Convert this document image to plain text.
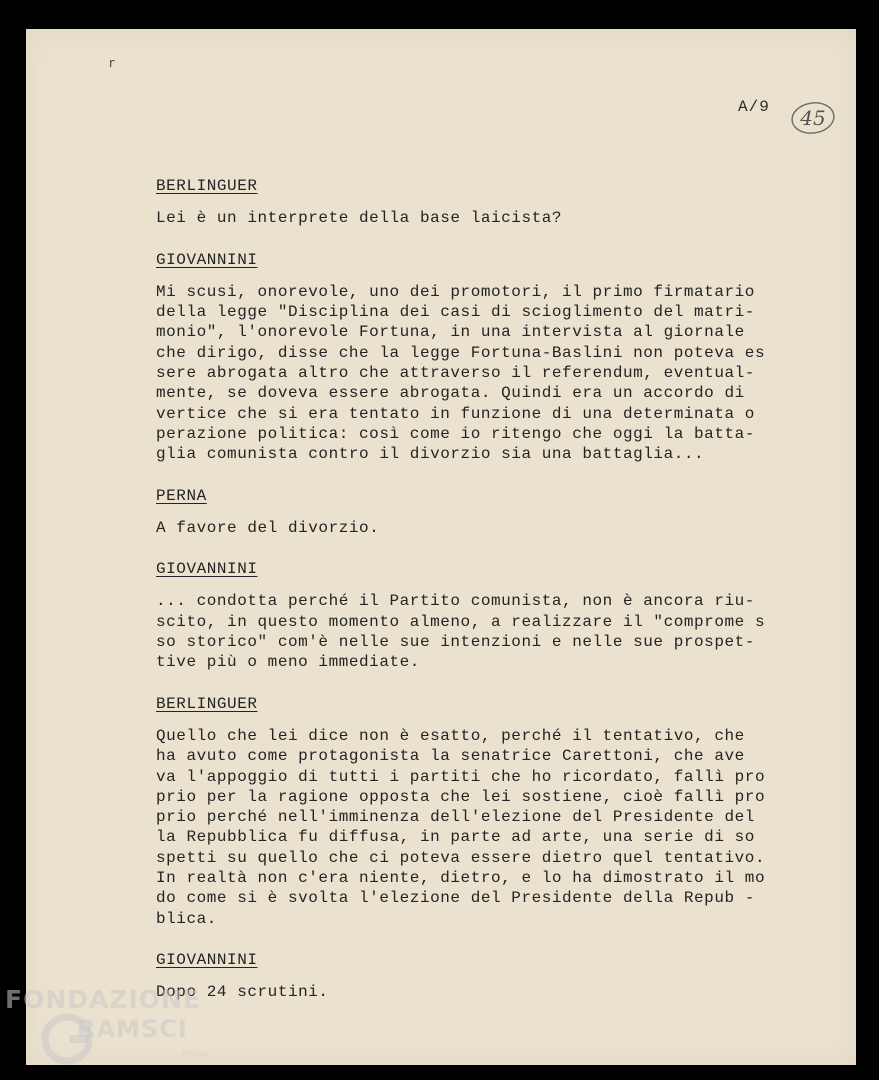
r
A/9	45
BERLINGUER
Lei è un interprete della base laicista?
GIOVANNINI
Mi scusi, onorevole, uno dei promotori, il primo firmatario
della legge "Disciplina dei casi di scioglimento del matri-
monio", l'onorevole Fortuna, in una intervista al giornale
che dirigo, disse che la legge Fortuna-Baslini non poteva es
sere abrogata altro che attraverso il referendum, eventual-
mente, se doveva essere abrogata. Quindi era un accordo di
vertice che si era tentato in funzione di una determinata o
perazione politica: così come io ritengo che oggi la batta-
glia comunista contro il divorzio sia una battaglia...
PERNA
A favore del divorzio.
GIOVANNINI
... condotta perché il Partito comunista, non è ancora riu-
scito, in questo momento almeno, a realizzare il "comprome s
so storico" com'è nelle sue intenzioni e nelle sue prospet-
tive più o meno immediate.
BERLINGUER
Quello che lei dice non è esatto, perché il tentativo, che
ha avuto come protagonista la senatrice Carettoni, che ave
va l'appoggio di tutti i partiti che ho ricordato, fallì pro
prio per la ragione opposta che lei sostiene, cioè fallì pro
prio perché nell'imminenza dell'elezione del Presidente del
la Repubblica fu diffusa, in parte ad arte, una serie di so
spetti su quello che ci poteva essere dietro quel tentativo.
In realtà non c'era niente, dietro, e lo ha dimostrato il mo
do come si è svolta l'elezione del Presidente della Repub -
blica.
GIOVANNINI
Dopo 24 scrutini.
FONDAZIONE
RAMSCI
onlus
